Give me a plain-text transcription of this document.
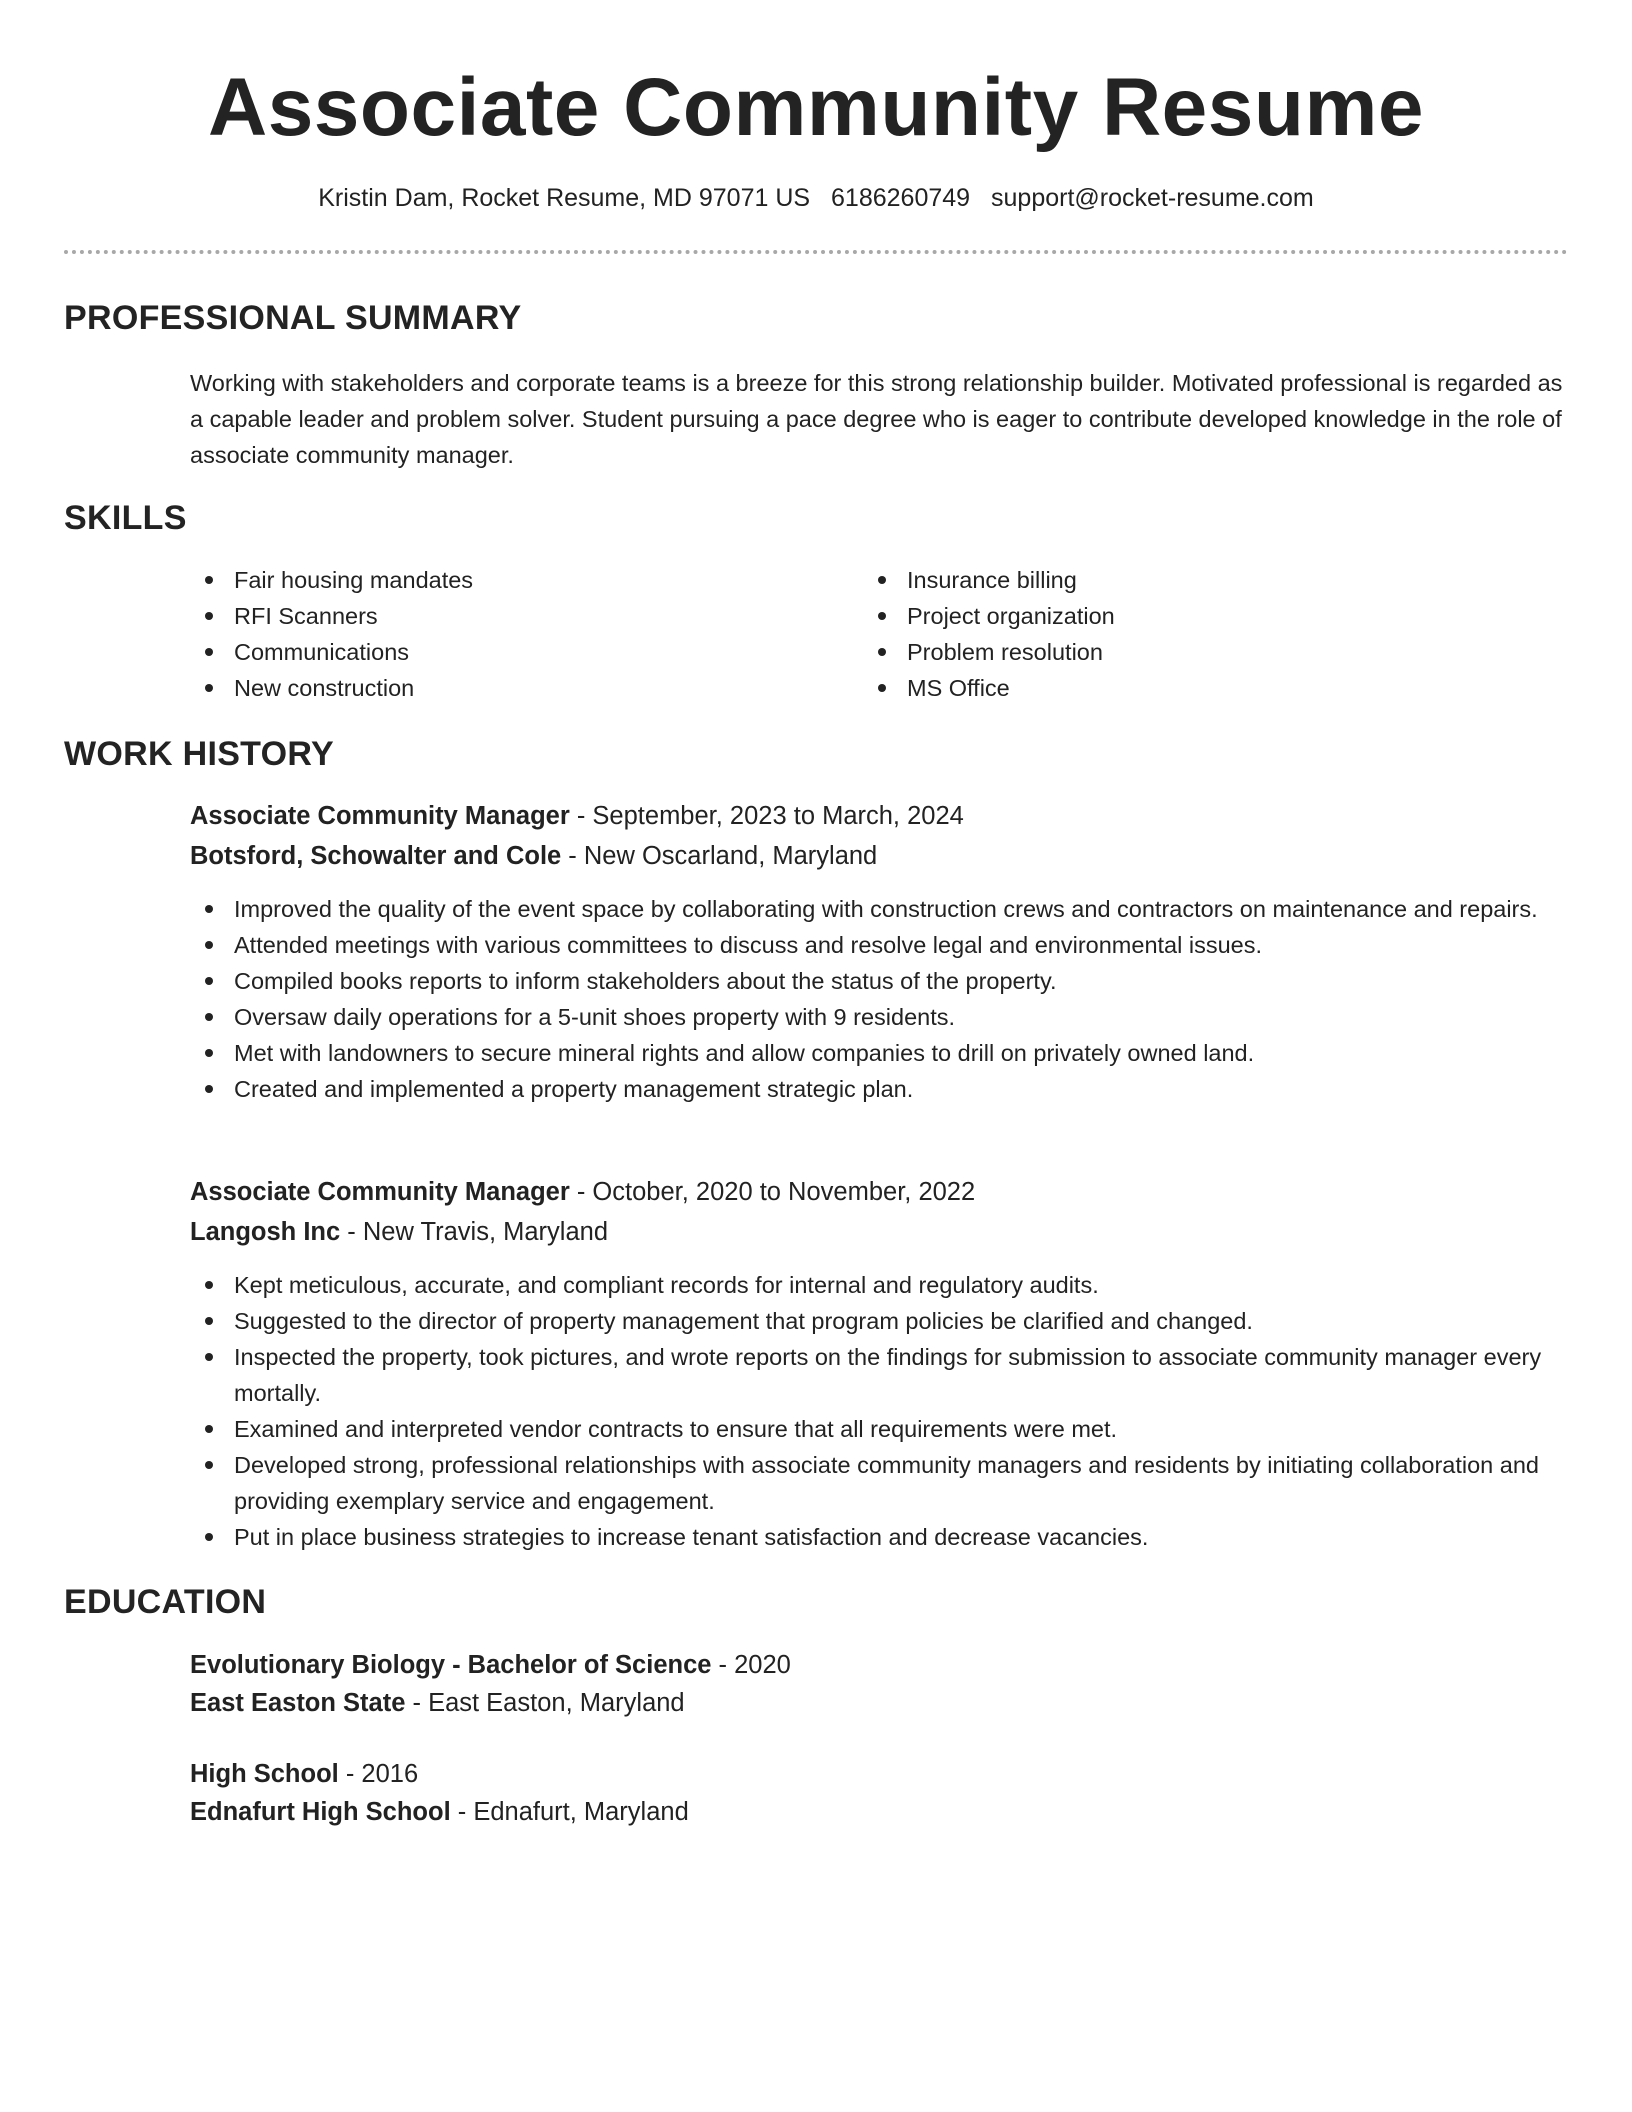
Associate Community Resume
Kristin Dam, Rocket Resume, MD 97071 US 6186260749 support@rocket-resume.com
PROFESSIONAL SUMMARY
Working with stakeholders and corporate teams is a breeze for this strong relationship builder. Motivated professional is regarded as a capable leader and problem solver. Student pursuing a pace degree who is eager to contribute developed knowledge in the role of associate community manager.
SKILLS
Fair housing mandates
RFI Scanners
Communications
New construction
Insurance billing
Project organization
Problem resolution
MS Office
WORK HISTORY
Associate Community Manager - September, 2023 to March, 2024
Botsford, Schowalter and Cole - New Oscarland, Maryland
Improved the quality of the event space by collaborating with construction crews and contractors on maintenance and repairs.
Attended meetings with various committees to discuss and resolve legal and environmental issues.
Compiled books reports to inform stakeholders about the status of the property.
Oversaw daily operations for a 5-unit shoes property with 9 residents.
Met with landowners to secure mineral rights and allow companies to drill on privately owned land.
Created and implemented a property management strategic plan.
Associate Community Manager - October, 2020 to November, 2022
Langosh Inc - New Travis, Maryland
Kept meticulous, accurate, and compliant records for internal and regulatory audits.
Suggested to the director of property management that program policies be clarified and changed.
Inspected the property, took pictures, and wrote reports on the findings for submission to associate community manager every mortally.
Examined and interpreted vendor contracts to ensure that all requirements were met.
Developed strong, professional relationships with associate community managers and residents by initiating collaboration and providing exemplary service and engagement.
Put in place business strategies to increase tenant satisfaction and decrease vacancies.
EDUCATION
Evolutionary Biology - Bachelor of Science - 2020
East Easton State - East Easton, Maryland
High School - 2016
Ednafurt High School - Ednafurt, Maryland
